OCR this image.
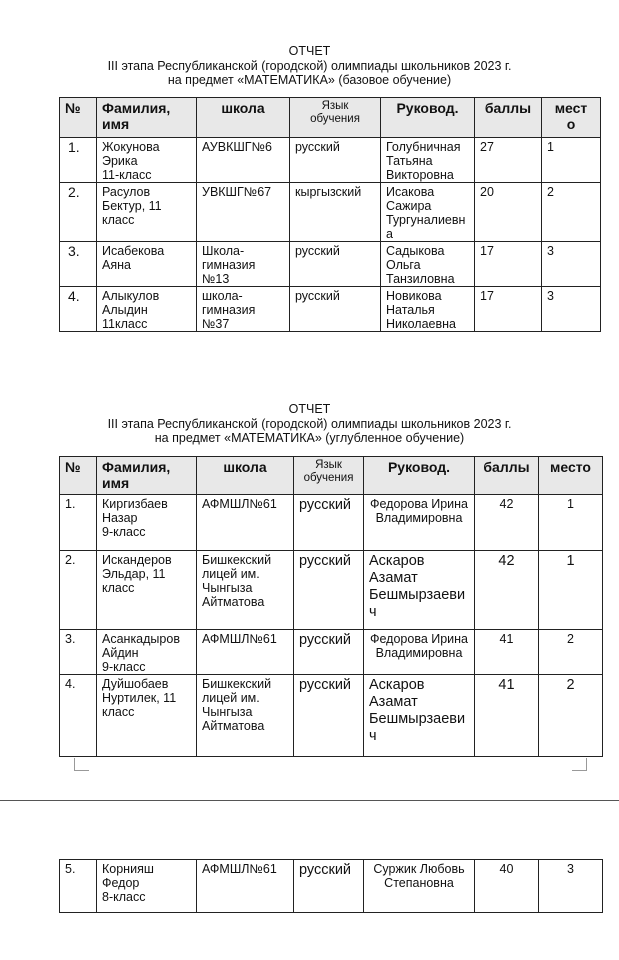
ОТЧЕТ
III этапа Республиканской (городской) олимпиады школьников 2023 г.
на предмет «МАТЕМАТИКА» (базовое обучение)
№	Фамилия,
имя	школа	Язык
обучения	Руковод.	баллы	мест
о
1.	Жокунова
Эрика
11-класс	АУВКШГ№6	русский	Голубничная
Татьяна
Викторовна	27	1
2.	Расулов
Бектур, 11
класс	УВКШГ№67	кыргызский	Исакова
Сажира
Тургуналиевн
а	20	2
3.	Исабекова
Аяна	Школа-
гимназия
№13	русский	Садыкова
Ольга
Танзиловна	17	3
4.	Алыкулов
Алыдин
11класс	школа-
гимназия
№37	русский	Новикова
Наталья
Николаевна	17	3
ОТЧЕТ
III этапа Республиканской (городской) олимпиады школьников 2023 г.
на предмет «МАТЕМАТИКА» (углубленное обучение)
№	Фамилия,
имя	школа	Язык
обучения	Руковод.	баллы	место
1.	Киргизбаев
Назар
9-класс	АФМШЛ№61	русский	Федорова Ирина
Владимировна	42	1
2.	Искандеров
Эльдар, 11
класс	Бишкекский
лицей им.
Чынгыза
Айтматова	русский	Аскаров
Азамат
Бешмырзаеви
ч	42	1
3.	Асанкадыров
Айдин
9-класс	АФМШЛ№61	русский	Федорова Ирина
Владимировна	41	2
4.	Дуйшобаев
Нуртилек, 11
класс	Бишкекский
лицей им.
Чынгыза
Айтматова	русский	Аскаров
Азамат
Бешмырзаеви
ч	41	2
5.	Корнияш
Федор
8-класс	АФМШЛ№61	русский	Суржик Любовь
Степановна	40	3
